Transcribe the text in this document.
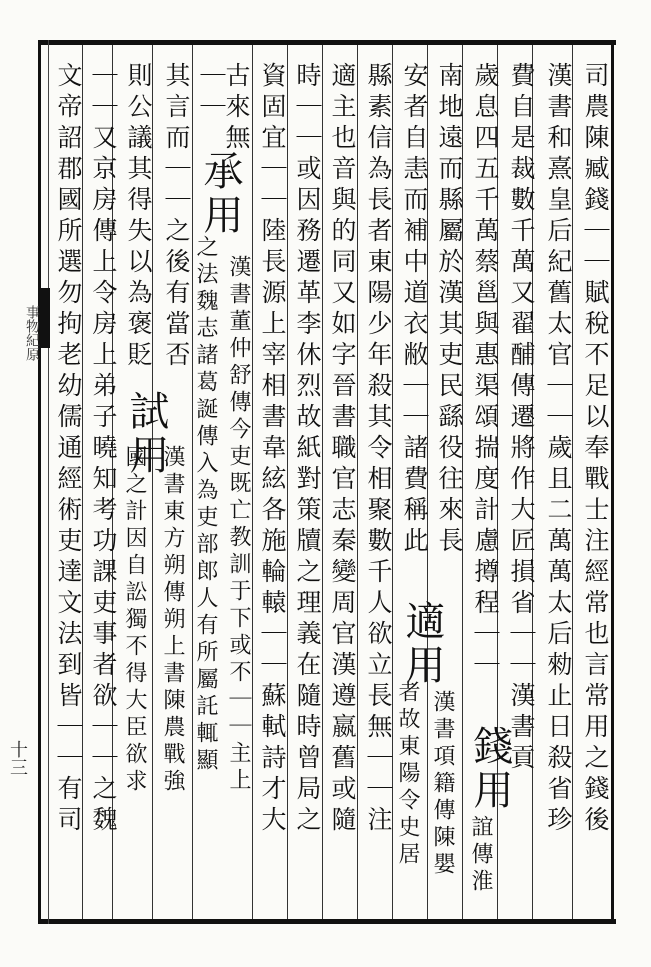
司農陳臧錢｜｜賦稅不足以奉戰士注經常也言常用之錢後
漢書和熹皇后紀舊太官｜｜歲且二萬萬太后勑止日殺省珍
費自是裁數千萬又翟酺傳遷將作大匠損省｜｜漢書貢
歲息四五千萬蔡邕與惠渠頌揣度計慮撙程｜｜
南地遠而縣屬於漢其吏民繇役往來長
安者自恚而補中道衣敝｜｜諸費稱此
縣素信為長者東陽少年殺其令相聚數千人欲立長無｜｜注
適主也音與的同又如字晉書職官志秦變周官漢遵嬴舊或隨
時｜｜或因務遷革李休烈故紙對策牘之理義在隨時曾局之
資固宜｜｜陸長源上宰相書韋絃各施輪轅｜｜蘇軾詩才大
古來無
｜｜
其言而｜｜之後有當否
則公議其得失以為褒貶
｜｜又京房傳上令房上弟子曉知考功課吏事者欲｜｜之魏
文帝詔郡國所選勿拘老幼儒通經術吏達文法到皆｜｜有司	錢用
適用
承用
試用
誼傳淮
漢書項籍傳陳嬰
者故東陽令史居
漢書董仲舒傳今吏既亡教訓于下或不｜｜主上
之法魏志諸葛誕傳入為吏部郎人有所屬託輒顯
漢書東方朔傳朔上書陳農戰強
國之計因自訟獨不得大臣欲求
事物紀原
十三
